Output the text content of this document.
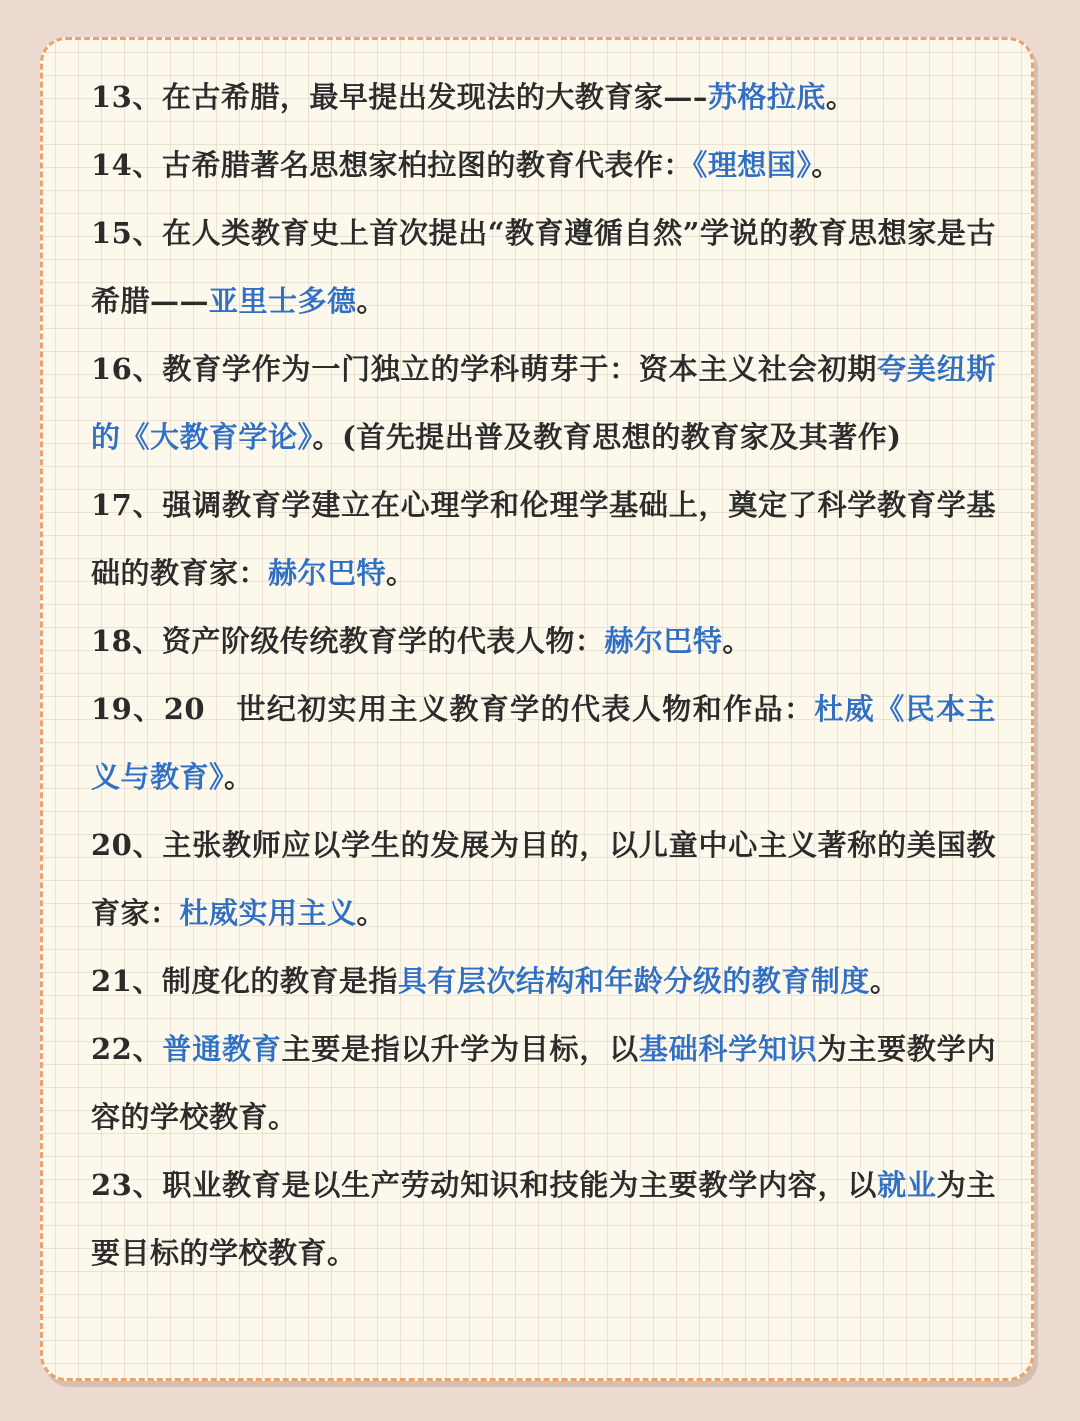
13、在古希腊，最早提出发现法的大教育家—–苏格拉底。

14、古希腊著名思想家柏拉图的教育代表作：《理想国》。

15、在人类教育史上首次提出“教育遵循自然”学说的教育思想家是古希腊——亚里士多德。

16、教育学作为一门独立的学科萌芽于：资本主义社会初期夸美纽斯的《大教育学论》。(首先提出普及教育思想的教育家及其著作)

17、强调教育学建立在心理学和伦理学基础上，奠定了科学教育学基础的教育家：赫尔巴特。

18、资产阶级传统教育学的代表人物：赫尔巴特。

19、20　世纪初实用主义教育学的代表人物和作品：杜威《民本主义与教育》。

20、主张教师应以学生的发展为目的，以儿童中心主义著称的美国教育家：杜威实用主义。

21、制度化的教育是指具有层次结构和年龄分级的教育制度。

22、普通教育主要是指以升学为目标，以基础科学知识为主要教学内容的学校教育。

23、职业教育是以生产劳动知识和技能为主要教学内容，以就业为主要目标的学校教育。
